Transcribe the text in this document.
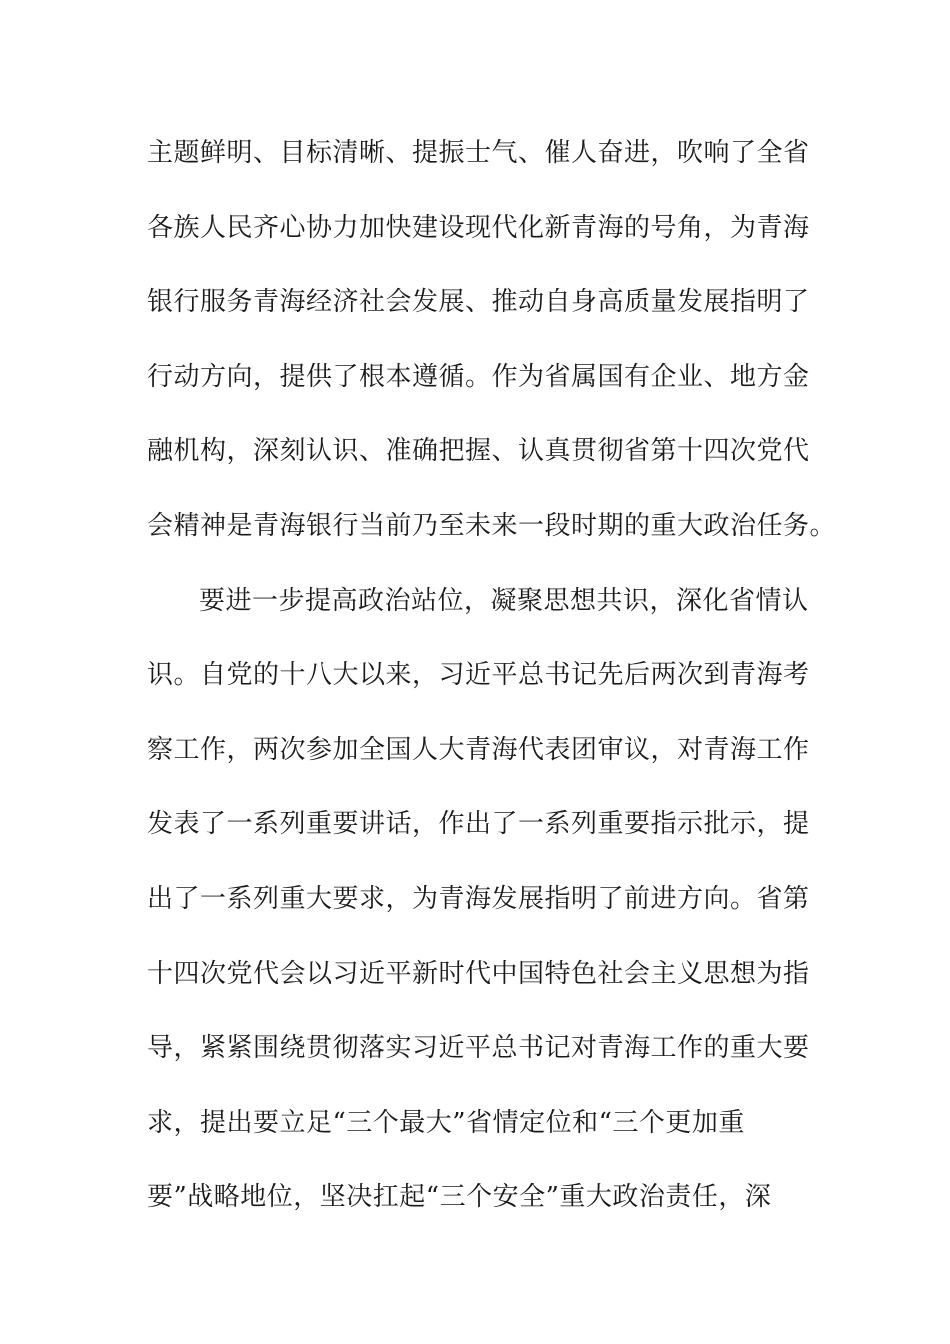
主题鲜明、目标清晰、提振士气、催人奋进，吹响了全省
各族人民齐心协力加快建设现代化新青海的号角，为青海
银行服务青海经济社会发展、推动自身高质量发展指明了
行动方向，提供了根本遵循。作为省属国有企业、地方金
融机构，深刻认识、准确把握、认真贯彻省第十四次党代
会精神是青海银行当前乃至未来一段时期的重大政治任务。
要进一步提高政治站位，凝聚思想共识，深化省情认
识。自党的十八大以来，习近平总书记先后两次到青海考
察工作，两次参加全国人大青海代表团审议，对青海工作
发表了一系列重要讲话，作出了一系列重要指示批示，提
出了一系列重大要求，为青海发展指明了前进方向。省第
十四次党代会以习近平新时代中国特色社会主义思想为指
导，紧紧围绕贯彻落实习近平总书记对青海工作的重大要
求，提出要立足“三个最大”省情定位和“三个更加重
要”战略地位，坚决扛起“三个安全”重大政治责任，深
